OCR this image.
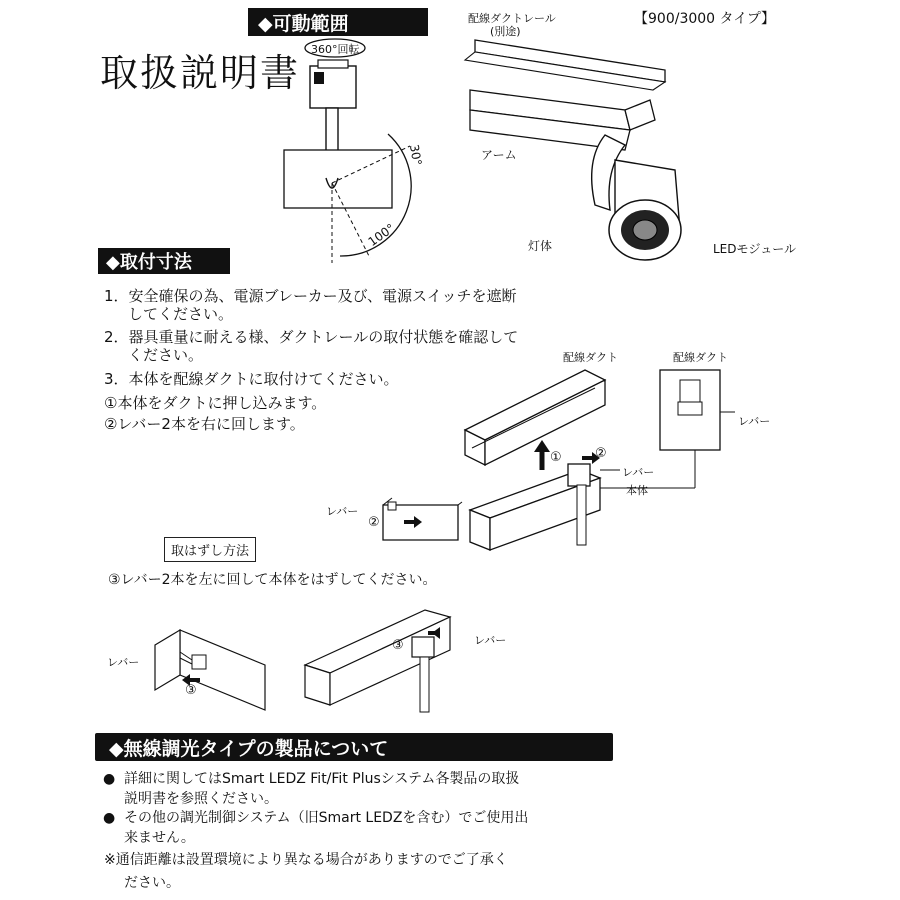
取扱説明書
◆可動範囲	【900/3000 タイプ】
360°回転
30°
100°
配線ダクトレール
(別途)
アーム
灯体	LEDモジュール
◆取付寸法
1．安全確保の為、電源ブレーカー及び、電源スイッチを遮断
してください。
2．器具重量に耐える様、ダクトレールの取付状態を確認して
ください。
3．本体を配線ダクトに取付けてください。
①本体をダクトに押し込みます。
②レバー2本を右に回します。
配線ダクト	配線ダクト
レバー
レバー
本体
①	②
レバー
②
取はずし方法
③レバー2本を左に回して本体をはずしてください。
レバー
③
レバー
③
◆無線調光タイプの製品について
● 詳細に関してはSmart LEDZ Fit/Fit Plusシステム各製品の取扱
説明書を参照ください。
● その他の調光制御システム（旧Smart LEDZを含む）でご使用出
来ません。
※通信距離は設置環境により異なる場合がありますのでご了承く
ださい。
